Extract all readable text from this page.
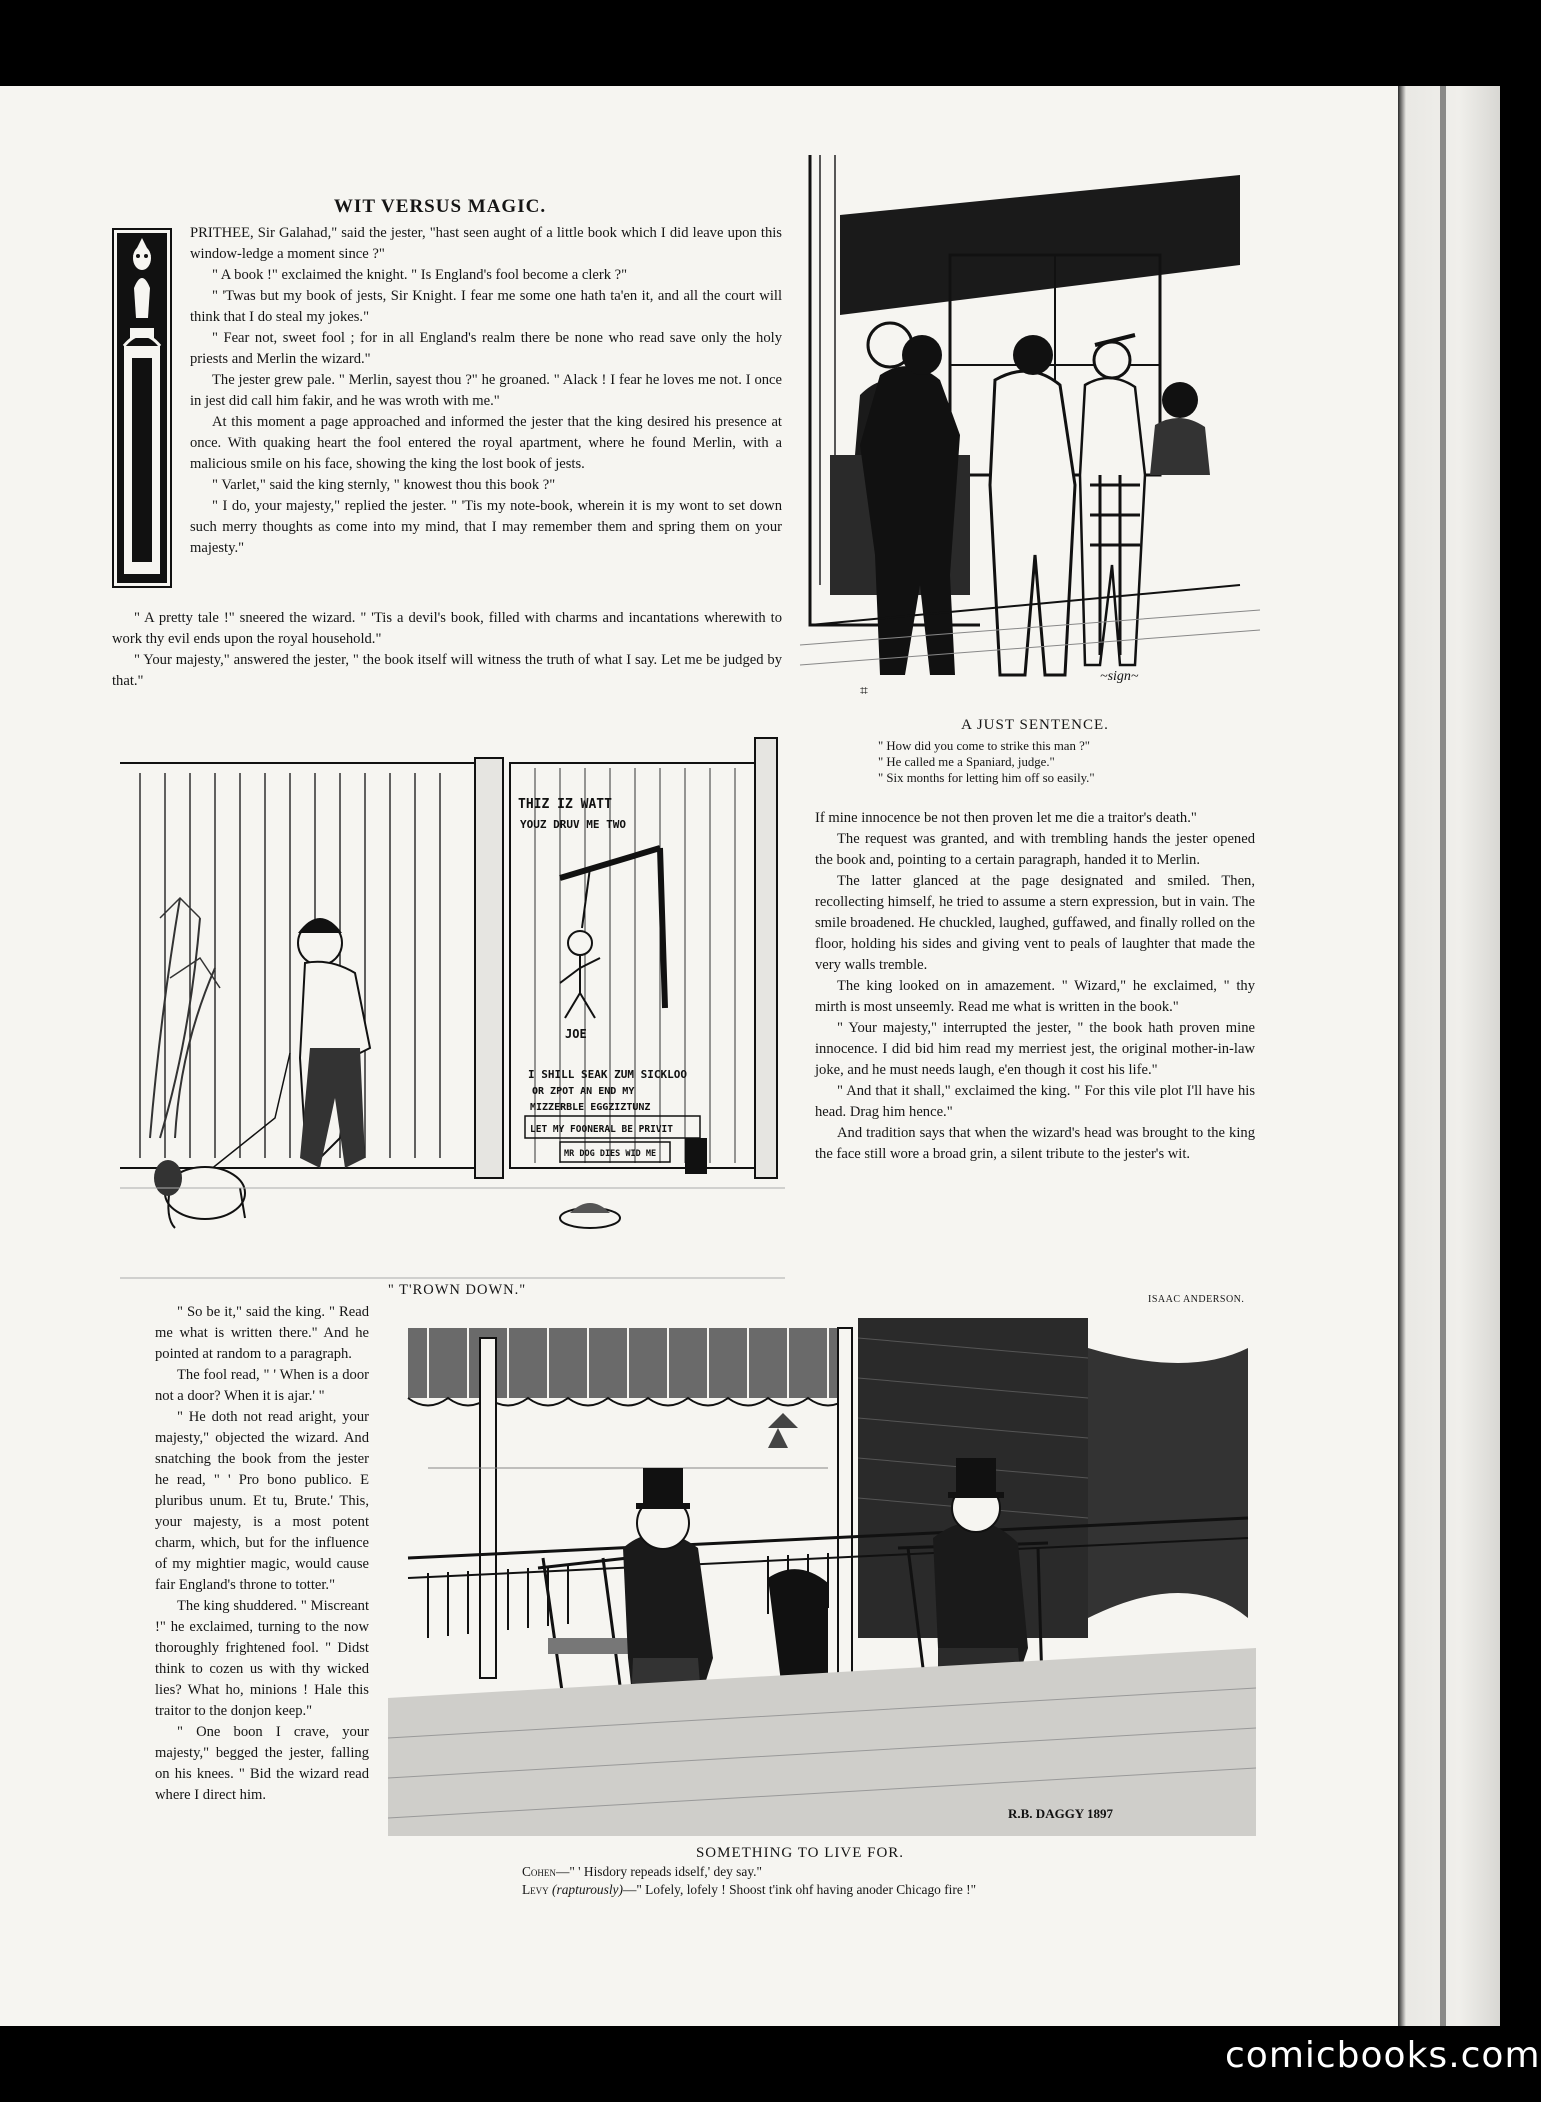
WIT VERSUS MAGIC.

PRITHEE, Sir Galahad," said the jester, "hast seen aught of a little book which I did leave upon this window-ledge a moment since ?"

" A book !" exclaimed the knight. " Is England's fool become a clerk ?"

" 'Twas but my book of jests, Sir Knight. I fear me some one hath ta'en it, and all the court will think that I do steal my jokes."

" Fear not, sweet fool ; for in all England's realm there be none who read save only the holy priests and Merlin the wizard."

The jester grew pale. " Merlin, sayest thou ?" he groaned. " Alack ! I fear he loves me not. I once in jest did call him fakir, and he was wroth with me."

At this moment a page approached and informed the jester that the king desired his presence at once. With quaking heart the fool entered the royal apartment, where he found Merlin, with a malicious smile on his face, showing the king the lost book of jests.

" Varlet," said the king sternly, " knowest thou this book ?"

" I do, your majesty," replied the jester. " 'Tis my note-book, wherein it is my wont to set down such merry thoughts as come into my mind, that I may remember them and spring them on your majesty."

" A pretty tale !" sneered the wizard. " 'Tis a devil's book, filled with charms and incantations wherewith to work thy evil ends upon the royal household."

" Your majesty," answered the jester, " the book itself will witness the truth of what I say. Let me be judged by that."

⌗
~sign~
A JUST SENTENCE.
" How did you come to strike this man ?"
" He called me a Spaniard, judge."
" Six months for letting him off so easily."
THIZ IZ WATT
YOUZ DRUV ME TWO
JOE
I SHILL SEAK ZUM SICKLOO
OR ZPOT AN END MY
MIZZERBLE EGGZIZTUNZ
LET MY FOONERAL BE PRIVIT
MR DOG DIES WID ME
" T'ROWN DOWN."

If mine innocence be not then proven let me die a traitor's death."

The request was granted, and with trembling hands the jester opened the book and, pointing to a certain paragraph, handed it to Merlin.

The latter glanced at the page designated and smiled. Then, recollecting himself, he tried to assume a stern expression, but in vain. The smile broadened. He chuckled, laughed, guffawed, and finally rolled on the floor, holding his sides and giving vent to peals of laughter that made the very walls tremble.

The king looked on in amazement. " Wizard," he exclaimed, " thy mirth is most unseemly. Read me what is written in the book."

" Your majesty," interrupted the jester, " the book hath proven mine innocence. I did bid him read my merriest jest, the original mother-in-law joke, and he must needs laugh, e'en though it cost his life."

" And that it shall," exclaimed the king. " For this vile plot I'll have his head. Drag him hence."

And tradition says that when the wizard's head was brought to the king the face still wore a broad grin, a silent tribute to the jester's wit.

ISAAC ANDERSON.

" So be it," said the king. " Read me what is written there." And he pointed at random to a paragraph.

The fool read, " ' When is a door not a door? When it is ajar.' "

" He doth not read aright, your majesty," objected the wizard. And snatching the book from the jester he read, " ' Pro bono publico. E pluribus unum. Et tu, Brute.' This, your majesty, is a most potent charm, which, but for the influence of my mightier magic, would cause fair England's throne to totter."

The king shuddered. " Miscreant !" he exclaimed, turning to the now thoroughly frightened fool. " Didst think to cozen us with thy wicked lies? What ho, minions ! Hale this traitor to the donjon keep."

" One boon I crave, your majesty," begged the jester, falling on his knees. " Bid the wizard read where I direct him.

R.B. DAGGY 1897
SOMETHING TO LIVE FOR.
Cohen—" ' Hisdory repeads idself,' dey say."
Levy (rapturously)—" Lofely, lofely ! Shoost t'ink ohf having anoder Chicago fire !"
comicbooks.com
